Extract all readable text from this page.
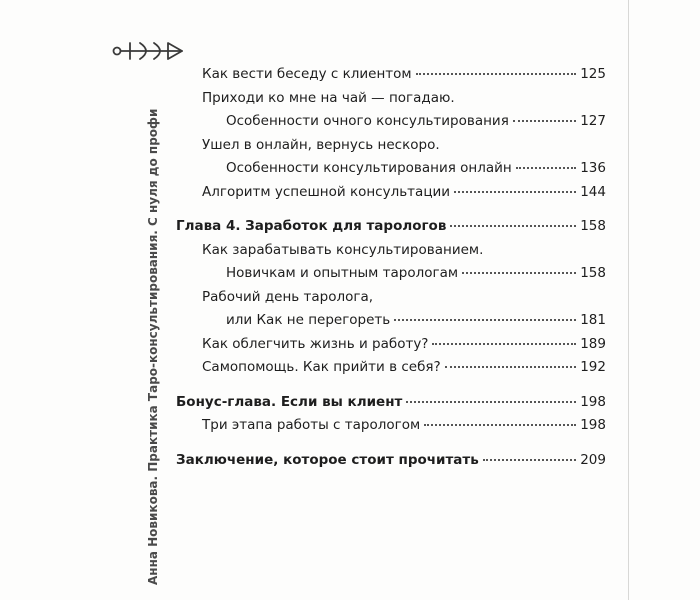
Анна Новикова. Практика Таро-консультирования. С нуля до профи
Как вести беседу с клиентом	125
Приходи ко мне на чай — погадаю.
Особенности очного консультирования	127
Ушел в онлайн, вернусь нескоро.
Особенности консультирования онлайн	136
Алгоритм успешной консультации	144
Глава 4. Заработок для тарологов	158
Как зарабатывать консультированием.
Новичкам и опытным тарологам	158
Рабочий день таролога,
или Как не перегореть	181
Как облегчить жизнь и работу?	189
Самопомощь. Как прийти в себя?	192
Бонус-глава. Если вы клиент	198
Три этапа работы с тарологом	198
Заключение, которое стоит прочитать	209
